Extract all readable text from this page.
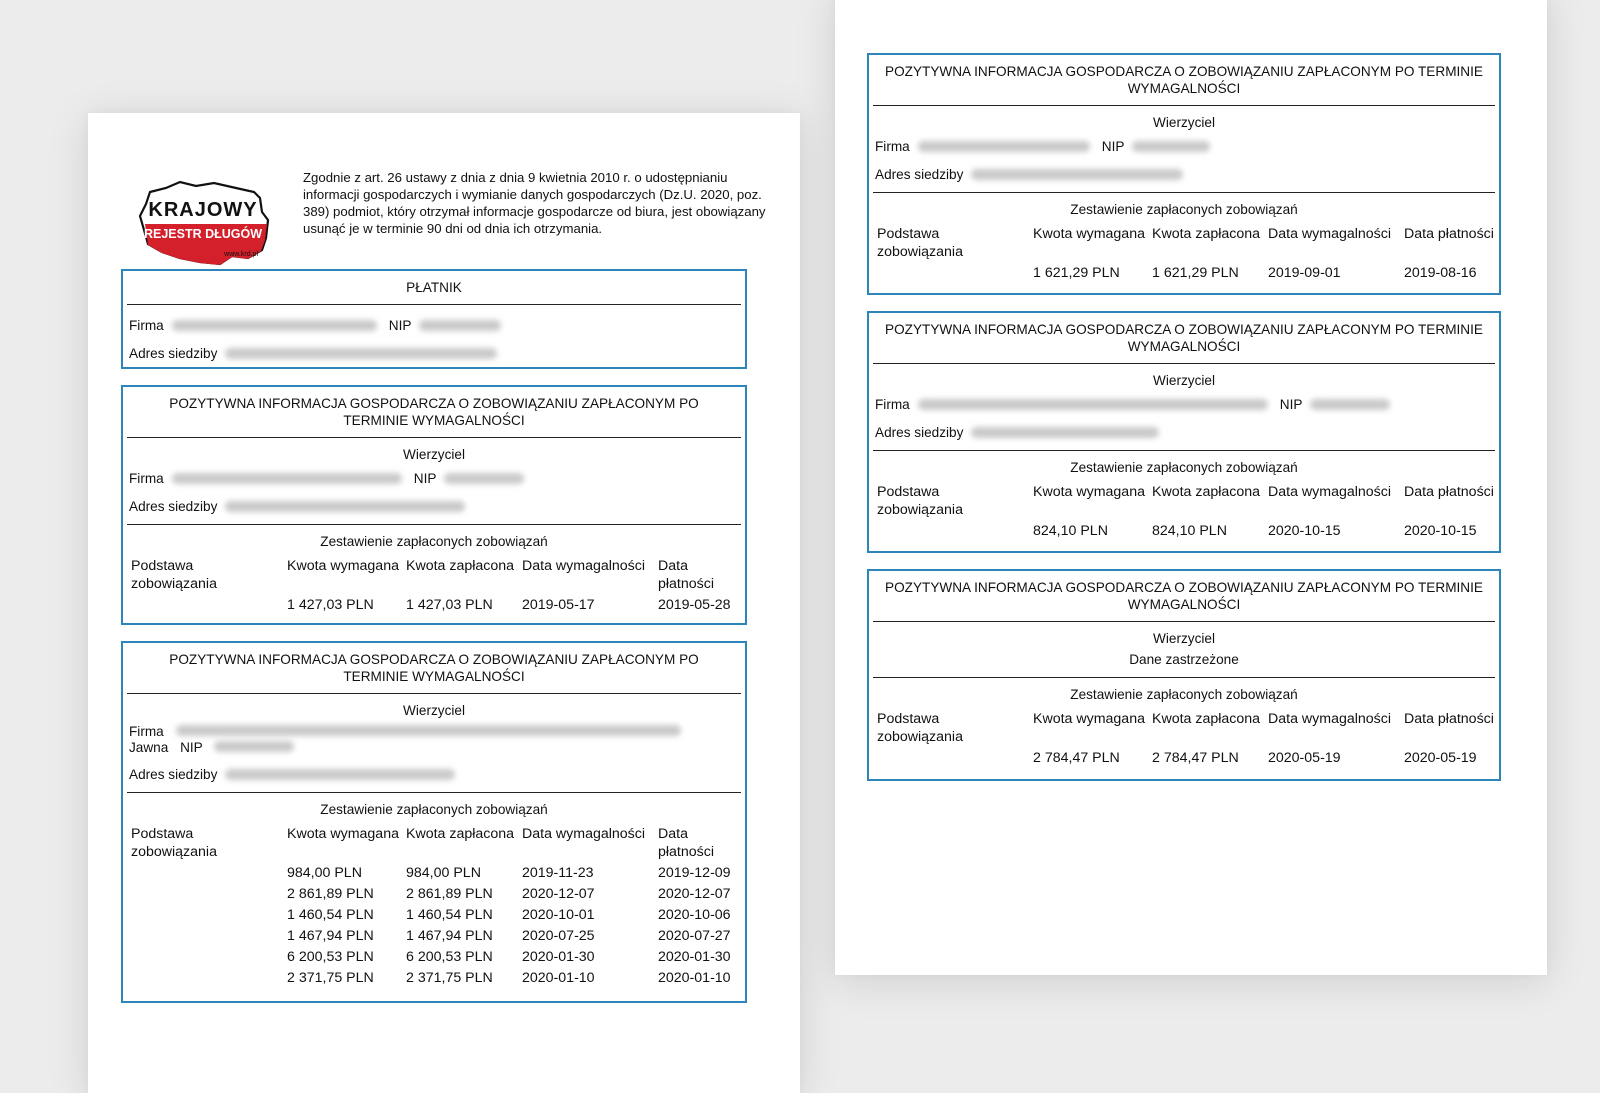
KRAJOWY
REJESTR DŁUGÓW
www.krd.pl
Zgodnie z art. 26 ustawy z dnia z dnia 9 kwietnia 2010 r. o udostępnianiu informacji gospodarczych i wymianie danych gospodarczych (Dz.U. 2020, poz. 389) podmiot, który otrzymał informacje gospodarcze od biura, jest obowiązany usunąć je w terminie 90 dni od dnia ich otrzymania.
PŁATNIK
Firma	NIP
Adres siedziby
POZYTYWNA INFORMACJA GOSPODARCZA O ZOBOWIĄZANIU ZAPŁACONYM PO TERMINIE WYMAGALNOŚCI
Wierzyciel
Firma	NIP
Adres siedziby
Zestawienie zapłaconych zobowiązań
Podstawa zobowiązania	Kwota wymagana	Kwota zapłacona	Data wymagalności	Data płatności
	1 427,03 PLN	1 427,03 PLN	2019-05-17	2019-05-28
POZYTYWNA INFORMACJA GOSPODARCZA O ZOBOWIĄZANIU ZAPŁACONYM PO TERMINIE WYMAGALNOŚCI
Wierzyciel
Firma
Jawna NIP
Adres siedziby
Zestawienie zapłaconych zobowiązań
Podstawa zobowiązania	Kwota wymagana	Kwota zapłacona	Data wymagalności	Data płatności
	984,00 PLN	984,00 PLN	2019-11-23	2019-12-09
	2 861,89 PLN	2 861,89 PLN	2020-12-07	2020-12-07
	1 460,54 PLN	1 460,54 PLN	2020-10-01	2020-10-06
	1 467,94 PLN	1 467,94 PLN	2020-07-25	2020-07-27
	6 200,53 PLN	6 200,53 PLN	2020-01-30	2020-01-30
	2 371,75 PLN	2 371,75 PLN	2020-01-10	2020-01-10
POZYTYWNA INFORMACJA GOSPODARCZA O ZOBOWIĄZANIU ZAPŁACONYM PO TERMINIE WYMAGALNOŚCI
Wierzyciel
Firma	NIP
Adres siedziby
Zestawienie zapłaconych zobowiązań
Podstawa zobowiązania	Kwota wymagana	Kwota zapłacona	Data wymagalności	Data płatności
	1 621,29 PLN	1 621,29 PLN	2019-09-01	2019-08-16
POZYTYWNA INFORMACJA GOSPODARCZA O ZOBOWIĄZANIU ZAPŁACONYM PO TERMINIE WYMAGALNOŚCI
Wierzyciel
Firma	NIP
Adres siedziby
Zestawienie zapłaconych zobowiązań
Podstawa zobowiązania	Kwota wymagana	Kwota zapłacona	Data wymagalności	Data płatności
	824,10 PLN	824,10 PLN	2020-10-15	2020-10-15
POZYTYWNA INFORMACJA GOSPODARCZA O ZOBOWIĄZANIU ZAPŁACONYM PO TERMINIE WYMAGALNOŚCI
Wierzyciel
Dane zastrzeżone
Zestawienie zapłaconych zobowiązań
Podstawa zobowiązania	Kwota wymagana	Kwota zapłacona	Data wymagalności	Data płatności
	2 784,47 PLN	2 784,47 PLN	2020-05-19	2020-05-19
